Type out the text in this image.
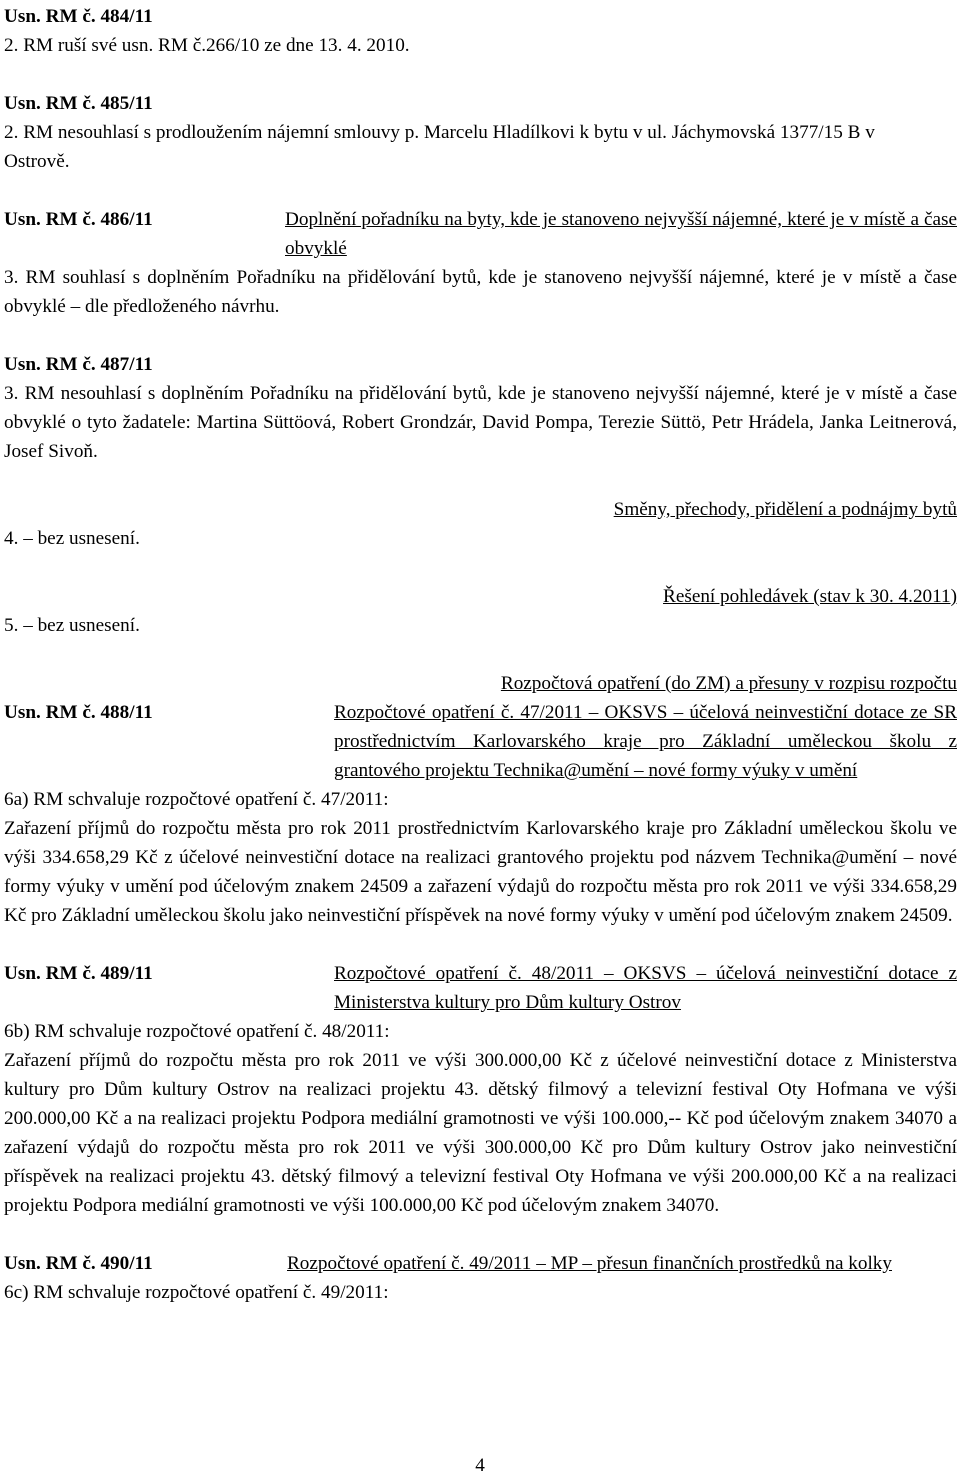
Usn. RM č. 484/11
2. RM ruší své usn. RM č.266/10 ze dne 13. 4. 2010.
Usn. RM č. 485/11
2. RM nesouhlasí s prodloužením nájemní smlouvy p. Marcelu Hladílkovi k bytu v ul. Jáchymovská 1377/15 B v Ostrově.
Usn. RM č. 486/11	Doplnění pořadníku na byty, kde je stanoveno nejvyšší nájemné, které je v místě a čase obvyklé
3. RM souhlasí s doplněním Pořadníku na přidělování bytů, kde je stanoveno nejvyšší nájemné, které je v místě a čase obvyklé – dle předloženého návrhu.
Usn. RM č. 487/11
3. RM nesouhlasí s doplněním Pořadníku na přidělování bytů, kde je stanoveno nejvyšší nájemné, které je v místě a čase obvyklé o tyto žadatele: Martina Süttöová, Robert Grondzár, David Pompa, Terezie Süttö, Petr Hrádela, Janka Leitnerová, Josef Sivoň.
Směny, přechody, přidělení a podnájmy bytů
4. – bez usnesení.
Řešení pohledávek (stav k 30. 4.2011)
5. – bez usnesení.
Rozpočtová opatření (do ZM) a přesuny v rozpisu rozpočtu
Usn. RM č. 488/11	Rozpočtové opatření č. 47/2011 – OKSVS – účelová neinvestiční dotace ze SR prostřednictvím Karlovarského kraje pro Základní uměleckou školu z grantového projektu Technika@umění – nové formy výuky v umění
6a) RM schvaluje rozpočtové opatření č. 47/2011:
Zařazení příjmů do rozpočtu města pro rok 2011 prostřednictvím Karlovarského kraje pro Základní uměleckou školu ve výši 334.658,29 Kč z účelové neinvestiční dotace na realizaci grantového projektu pod názvem Technika@umění – nové formy výuky v umění pod účelovým znakem 24509 a zařazení výdajů do rozpočtu města pro rok 2011 ve výši 334.658,29 Kč pro Základní uměleckou školu jako neinvestiční příspěvek na nové formy výuky v umění pod účelovým znakem 24509.
Usn. RM č. 489/11	Rozpočtové opatření č. 48/2011 – OKSVS – účelová neinvestiční dotace z Ministerstva kultury pro Dům kultury Ostrov
6b) RM schvaluje rozpočtové opatření č. 48/2011:
Zařazení příjmů do rozpočtu města pro rok 2011 ve výši 300.000,00 Kč z účelové neinvestiční dotace z Ministerstva kultury pro Dům kultury Ostrov na realizaci projektu 43. dětský filmový a televizní festival Oty Hofmana ve výši 200.000,00 Kč a na realizaci projektu Podpora mediální gramotnosti ve výši 100.000,-- Kč pod účelovým znakem 34070 a zařazení výdajů do rozpočtu města pro rok 2011 ve výši 300.000,00 Kč pro Dům kultury Ostrov jako neinvestiční příspěvek na realizaci projektu 43. dětský filmový a televizní festival Oty Hofmana ve výši 200.000,00 Kč a na realizaci projektu Podpora mediální gramotnosti ve výši 100.000,00 Kč pod účelovým znakem 34070.
Usn. RM č. 490/11	Rozpočtové opatření č. 49/2011 – MP – přesun finančních prostředků na kolky
6c) RM schvaluje rozpočtové opatření č. 49/2011:
4
